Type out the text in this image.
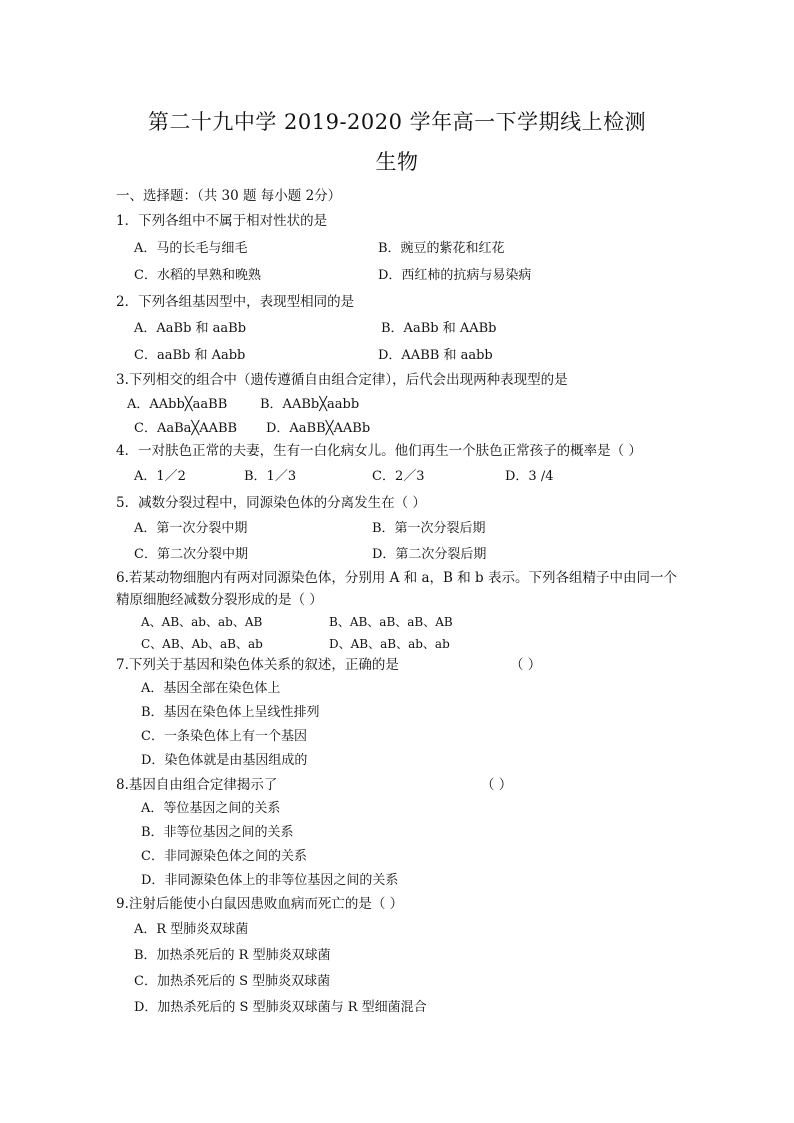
第二十九中学 2019-2020 学年高一下学期线上检测
生物
一、选择题：（共 30 题 每小题 2分）
1．下列各组中不属于相对性状的是
A．马的长毛与细毛	B．豌豆的紫花和红花
C．水稻的早熟和晚熟	D．西红柿的抗病与易染病
2．下列各组基因型中，表现型相同的是
A．AaBb 和 aaBb	B．AaBb 和 AABb
C．aaBb 和 Aabb	D．AABB 和 aabb
3.下列相交的组合中（遗传遵循自由组合定律），后代会出现两种表现型的是
A．AAbb╳aaBB	B．AABb╳aabb
C．AaBa╳AABB D．AaBB╳AABb
4．一对肤色正常的夫妻，生有一白化病女儿。他们再生一个肤色正常孩子的概率是（ ）
A．1／2	B．1／3	C．2／3	D．3 /4
5．减数分裂过程中，同源染色体的分离发生在（ ）
A．第一次分裂中期	B．第一次分裂后期
C．第二次分裂中期	D．第二次分裂后期
6.若某动物细胞内有两对同源染色体，分别用 A 和 a，B 和 b 表示。下列各组精子中由同一个
精原细胞经减数分裂形成的是（ ）
A、AB、ab、ab、AB	B、AB、aB、aB、AB
C、AB、Ab、aB、ab	D、AB、aB、ab、ab
7.下列关于基因和染色体关系的叙述，正确的是	（ ）
A．基因全部在染色体上
B．基因在染色体上呈线性排列
C．一条染色体上有一个基因
D．染色体就是由基因组成的
8.基因自由组合定律揭示了	（ ）
A．等位基因之间的关系
B．非等位基因之间的关系
C．非同源染色体之间的关系
D．非同源染色体上的非等位基因之间的关系
9.注射后能使小白鼠因患败血病而死亡的是（ ）
A．R 型肺炎双球菌
B．加热杀死后的 R 型肺炎双球菌
C．加热杀死后的 S 型肺炎双球菌
D．加热杀死后的 S 型肺炎双球菌与 R 型细菌混合
